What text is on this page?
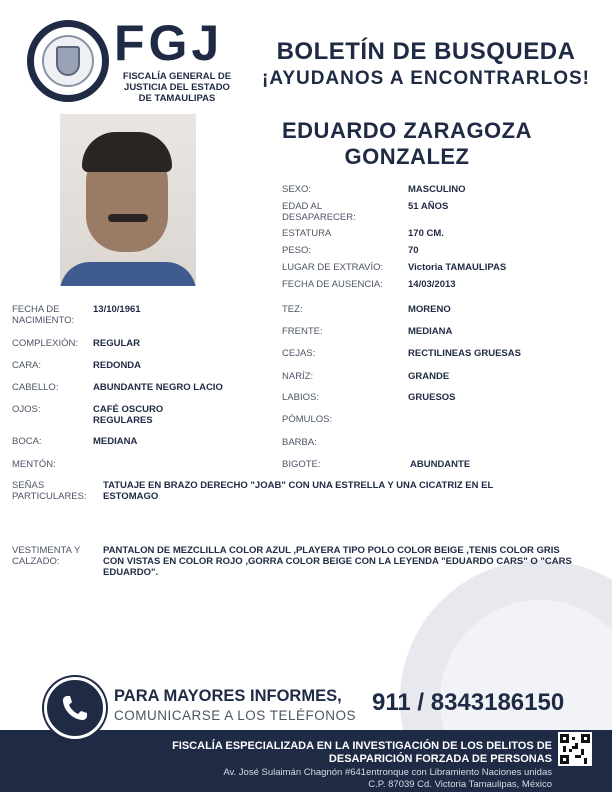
FGJ
FISCALÍA GENERAL DE JUSTICIA DEL ESTADO DE TAMAULIPAS
BOLETÍN DE BUSQUEDA
¡AYUDANOS A ENCONTRARLOS!
EDUARDO ZARAGOZA GONZALEZ
SEXO:	MASCULINO
EDAD AL DESAPARECER:
51 AÑOS
ESTATURA	170 CM.
PESO:	70
LUGAR DE EXTRAVÍO:	Victoria TAMAULIPAS
FECHA DE AUSENCIA:	14/03/2013
FECHA DE NACIMIENTO:
13/10/1961
COMPLEXIÓN: REGULAR
CARA:	REDONDA
CABELLO:	ABUNDANTE NEGRO LACIO
OJOS:	CAFÉ OSCURO REGULARES
BOCA:	MEDIANA
MENTÓN:
TEZ:	MORENO
FRENTE:	MEDIANA
CEJAS:	RECTILINEAS GRUESAS
NARÍZ:	GRANDE
LABIOS:	GRUESOS
PÓMULOS:
BARBA:
BIGOTE:	ABUNDANTE
SEÑAS PARTICULARES:
TATUAJE EN BRAZO DERECHO "JOAB" CON UNA ESTRELLA Y UNA CICATRIZ EN EL ESTOMAGO
VESTIMENTA Y CALZADO:
PANTALON DE MEZCLILLA COLOR AZUL ,PLAYERA TIPO POLO COLOR BEIGE ,TENIS COLOR GRIS CON VISTAS EN COLOR ROJO ,GORRA COLOR BEIGE CON LA LEYENDA "EDUARDO CARS" O "CARS EDUARDO".
PARA MAYORES INFORMES,
COMUNICARSE A LOS TELÉFONOS 911 / 8343186150
FISCALÍA ESPECIALIZADA EN LA INVESTIGACIÓN DE LOS DELITOS DE
DESAPARICIÓN FORZADA DE PERSONAS
Av. José Sulaimán Chagnón #641entronque con Libramiento Naciones unidas
C.P. 87039 Cd. Victoria Tamaulipas, México
